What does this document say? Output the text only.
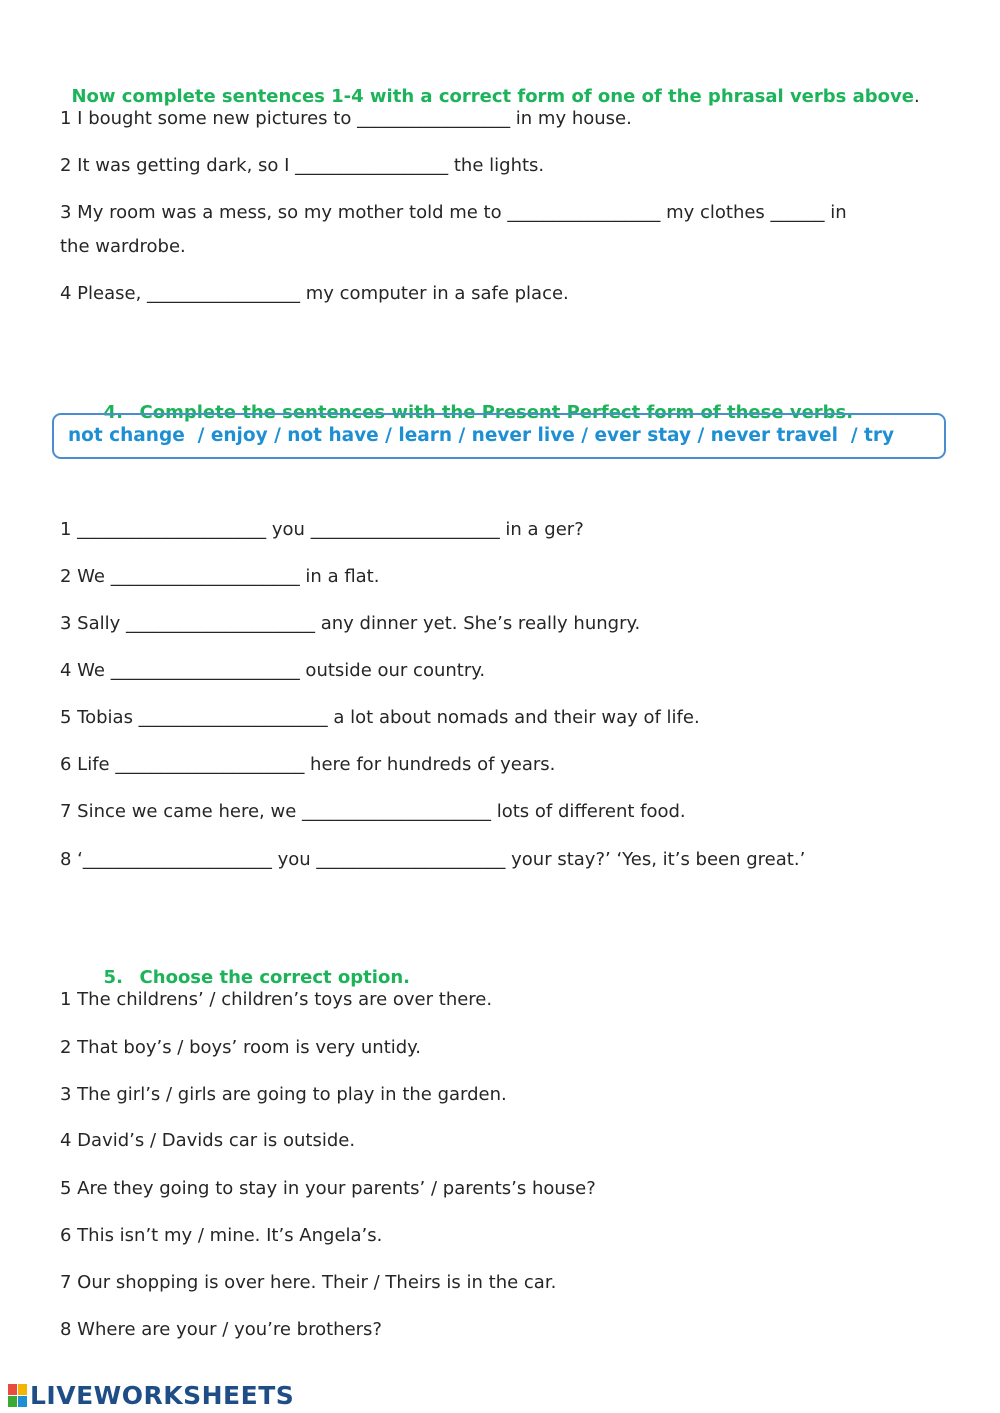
Now complete sentences 1-4 with a correct form of one of the phrasal verbs above.

1 I bought some new pictures to _________________ in my house.
2 It was getting dark, so I _________________ the lights.
3 My room was a mess, so my mother told me to _________________ my clothes ______ in
the wardrobe.
4 Please, _________________ my computer in a safe place.

4. Complete the sentences with the Present Perfect form of these verbs.

not change  / enjoy / not have / learn / never live / ever stay / never travel  / try
1 _____________________ you _____________________ in a ger?
2 We _____________________ in a flat.
3 Sally _____________________ any dinner yet. She’s really hungry.
4 We _____________________ outside our country.
5 Tobias _____________________ a lot about nomads and their way of life.
6 Life _____________________ here for hundreds of years.
7 Since we came here, we _____________________ lots of different food.
8 ‘_____________________ you _____________________ your stay?’ ‘Yes, it’s been great.’

5. Choose the correct option.

1 The childrens’ / children’s toys are over there.
2 That boy’s / boys’ room is very untidy.
3 The girl’s / girls are going to play in the garden.
4 David’s / Davids car is outside.
5 Are they going to stay in your parents’ / parents’s house?
6 This isn’t my / mine. It’s Angela’s.
7 Our shopping is over here. Their / Theirs is in the car.
8 Where are your / you’re brothers?
LIVEWORKSHEETS
